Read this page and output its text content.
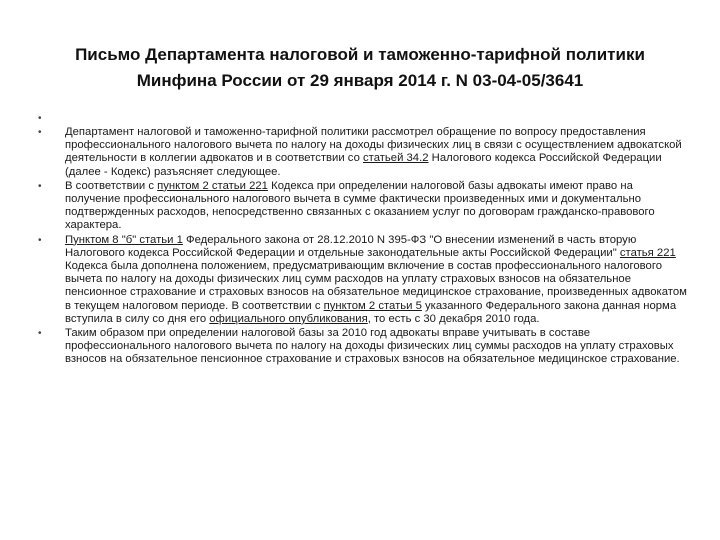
Письмо Департамента налоговой и таможенно-тарифной политики
Минфина России от 29 января 2014 г. N 03-04-05/3641
•
• Департамент налоговой и таможенно-тарифной политики рассмотрел обращение по вопросу предоставления профессионального налогового вычета по налогу на доходы физических лиц в связи с осуществлением адвокатской деятельности в коллегии адвокатов и в соответствии со статьей 34.2 Налогового кодекса Российской Федерации (далее - Кодекс) разъясняет следующее.
• В соответствии с пунктом 2 статьи 221 Кодекса при определении налоговой базы адвокаты имеют право на получение профессионального налогового вычета в сумме фактически произведенных ими и документально подтвержденных расходов, непосредственно связанных с оказанием услуг по договорам гражданско-правового характера.
• Пунктом 8 "б" статьи 1 Федерального закона от 28.12.2010 N 395-ФЗ "О внесении изменений в часть вторую Налогового кодекса Российской Федерации и отдельные законодательные акты Российской Федерации" статья 221 Кодекса была дополнена положением, предусматривающим включение в состав профессионального налогового вычета по налогу на доходы физических лиц сумм расходов на уплату страховых взносов на обязательное пенсионное страхование и страховых взносов на обязательное медицинское страхование, произведенных адвокатом в текущем налоговом периоде. В соответствии с пунктом 2 статьи 5 указанного Федерального закона данная норма вступила в силу со дня его официального опубликования, то есть с 30 декабря 2010 года.
• Таким образом при определении налоговой базы за 2010 год адвокаты вправе учитывать в составе профессионального налогового вычета по налогу на доходы физических лиц суммы расходов на уплату страховых взносов на обязательное пенсионное страхование и страховых взносов на обязательное медицинское страхование.
